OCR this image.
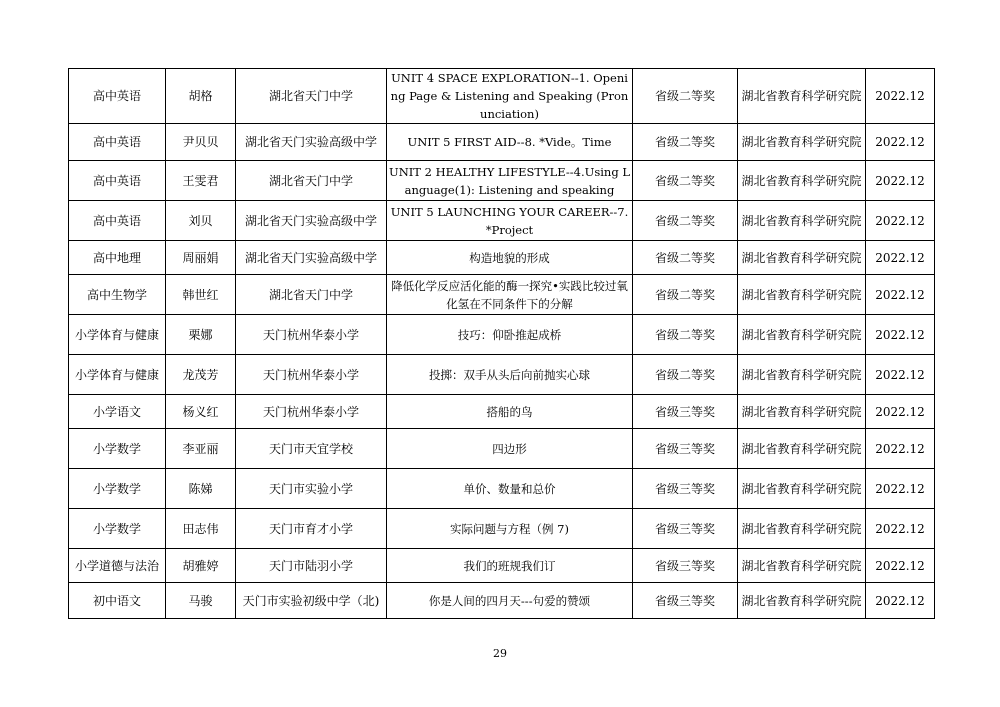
高中英语	胡格	湖北省天门中学	UNIT 4 SPACE EXPLORATION--1. Opening Page & Listening and Speaking (Pronunciation)	省级二等奖	湖北省教育科学研究院	2022.12
高中英语	尹贝贝	湖北省天门实验高级中学	UNIT 5 FIRST AID--8. *Vide。Time	省级二等奖	湖北省教育科学研究院	2022.12
高中英语	王雯君	湖北省天门中学	UNIT 2 HEALTHY LIFESTYLE--4.Using Language(1): Listening and speaking	省级二等奖	湖北省教育科学研究院	2022.12
高中英语	刘贝	湖北省天门实验高级中学	UNIT 5 LAUNCHING YOUR CAREER--7. *Project	省级二等奖	湖北省教育科学研究院	2022.12
高中地理	周丽娟	湖北省天门实验高级中学	构造地貌的形成	省级二等奖	湖北省教育科学研究院	2022.12
高中生物学	韩世红	湖北省天门中学	降低化学反应活化能的酶一探究•实践比较过氧化氢在不同条件下的分解	省级二等奖	湖北省教育科学研究院	2022.12
小学体育与健康	栗娜	天门杭州华泰小学	技巧：仰卧推起成桥	省级二等奖	湖北省教育科学研究院	2022.12
小学体育与健康	龙茂芳	天门杭州华泰小学	投掷：双手从头后向前抛实心球	省级二等奖	湖北省教育科学研究院	2022.12
小学语文	杨义红	天门杭州华泰小学	搭船的鸟	省级三等奖	湖北省教育科学研究院	2022.12
小学数学	李亚丽	天门市天宜学校	四边形	省级三等奖	湖北省教育科学研究院	2022.12
小学数学	陈娣	天门市实验小学	单价、数量和总价	省级三等奖	湖北省教育科学研究院	2022.12
小学数学	田志伟	天门市育才小学	实际问题与方程（例 7)	省级三等奖	湖北省教育科学研究院	2022.12
小学道德与法治	胡雅婷	天门市陆羽小学	我们的班规我们订	省级三等奖	湖北省教育科学研究院	2022.12
初中语文	马骏	天门市实验初级中学（北)	你是人间的四月天---句爱的赞颂	省级三等奖	湖北省教育科学研究院	2022.12
29
